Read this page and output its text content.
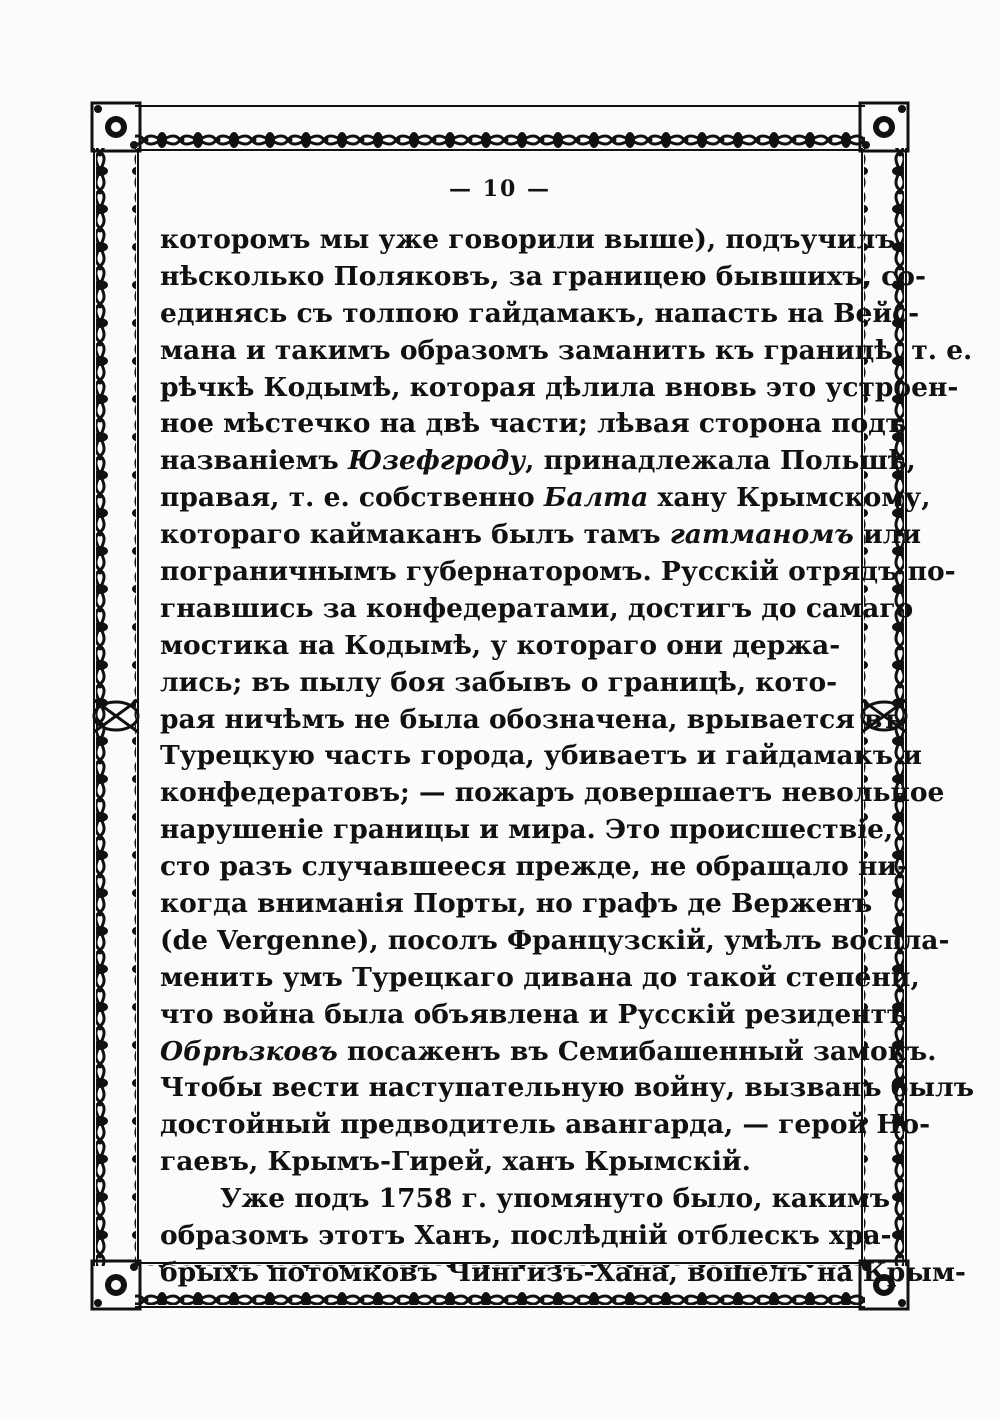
— 10 —
которомъ мы уже говорили выше), подъучилъ
нѣсколько Поляковъ, за границею бывшихъ, со-
единясь съ толпою гайдамакъ, напасть на Вейс-
мана и такимъ образомъ заманить къ границѣ, т. е.
рѣчкѣ Кодымѣ, которая дѣлила вновь это устроен-
ное мѣстечко на двѣ части; лѣвая сторона подъ
названіемъ Юзефгроду, принадлежала Польшѣ,
правая, т. е. собственно Балта хану Крымскому,
котораго каймаканъ былъ тамъ гатманомъ или
пограничнымъ губернаторомъ. Русскій отрядъ по-
гнавшись за конфедератами, достигъ до самаго
мостика на Кодымѣ, у котораго они держа-
лись; въ пылу боя забывъ о границѣ, кото-
рая ничѣмъ не была обозначена, врывается въ
Турецкую часть города, убиваетъ и гайдамакъ и
конфедератовъ; — пожаръ довершаетъ невольное
нарушеніе границы и мира. Это происшествіе,
сто разъ случавшееся прежде, не обращало ни-
когда вниманія Порты, но графъ де Верженъ
(de Vergenne), посолъ Французскій, умѣлъ воспла-
менить умъ Турецкаго дивана до такой степени,
что война была объявлена и Русскій резидентъ
Обрѣзковъ посаженъ въ Семибашенный замокъ.
Чтобы вести наступательную войну, вызванъ былъ
достойный предводитель авангарда, — герой Но-
гаевъ, Крымъ-Гирей, ханъ Крымскій.
Уже подъ 1758 г. упомянуто было, какимъ
образомъ этотъ Ханъ, послѣдній отблескъ хра-
брыхъ потомковъ Чингизъ-Хана, вошелъ на Крым-
